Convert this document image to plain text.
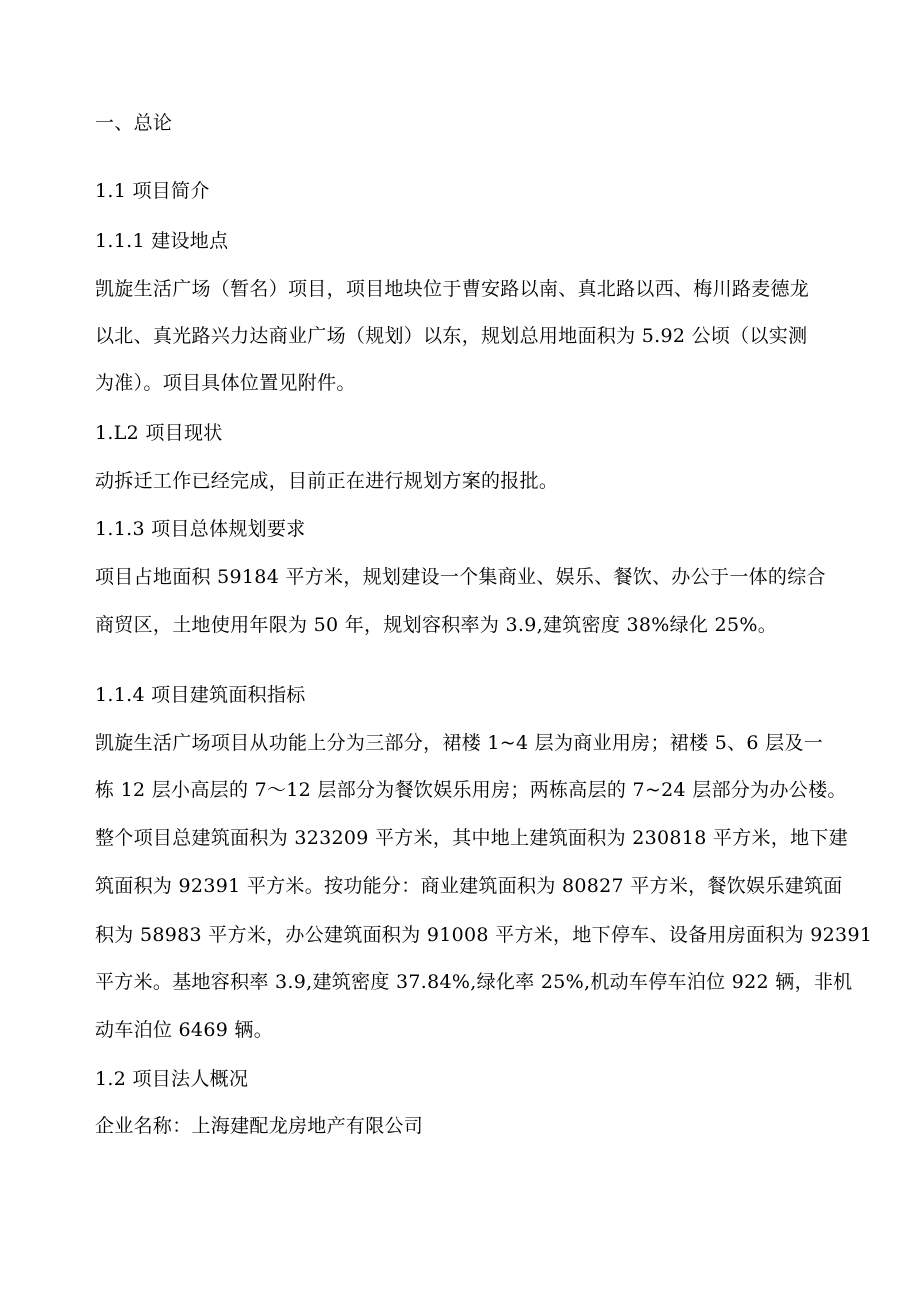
一、总论
1.1 项目简介
1.1.1 建设地点
凯旋生活广场（暂名）项目，项目地块位于曹安路以南、真北路以西、梅川路麦德龙
以北、真光路兴力达商业广场（规划）以东，规划总用地面积为 5.92 公顷（以实测
为准）。项目具体位置见附件。
1.L2 项目现状
动拆迁工作已经完成，目前正在进行规划方案的报批。
1.1.3 项目总体规划要求
项目占地面积 59184 平方米，规划建设一个集商业、娱乐、餐饮、办公于一体的综合
商贸区，土地使用年限为 50 年，规划容积率为 3.9,建筑密度 38%绿化 25%。
1.1.4 项目建筑面积指标
凯旋生活广场项目从功能上分为三部分，裙楼 1~4 层为商业用房；裙楼 5、6 层及一
栋 12 层小高层的 7～12 层部分为餐饮娱乐用房；两栋高层的 7~24 层部分为办公楼。
整个项目总建筑面积为 323209 平方米，其中地上建筑面积为 230818 平方米，地下建
筑面积为 92391 平方米。按功能分：商业建筑面积为 80827 平方米，餐饮娱乐建筑面
积为 58983 平方米，办公建筑面积为 91008 平方米，地下停车、设备用房面积为 92391
平方米。基地容积率 3.9,建筑密度 37.84%,绿化率 25%,机动车停车泊位 922 辆，非机
动车泊位 6469 辆。
1.2 项目法人概况
企业名称：上海建配龙房地产有限公司
